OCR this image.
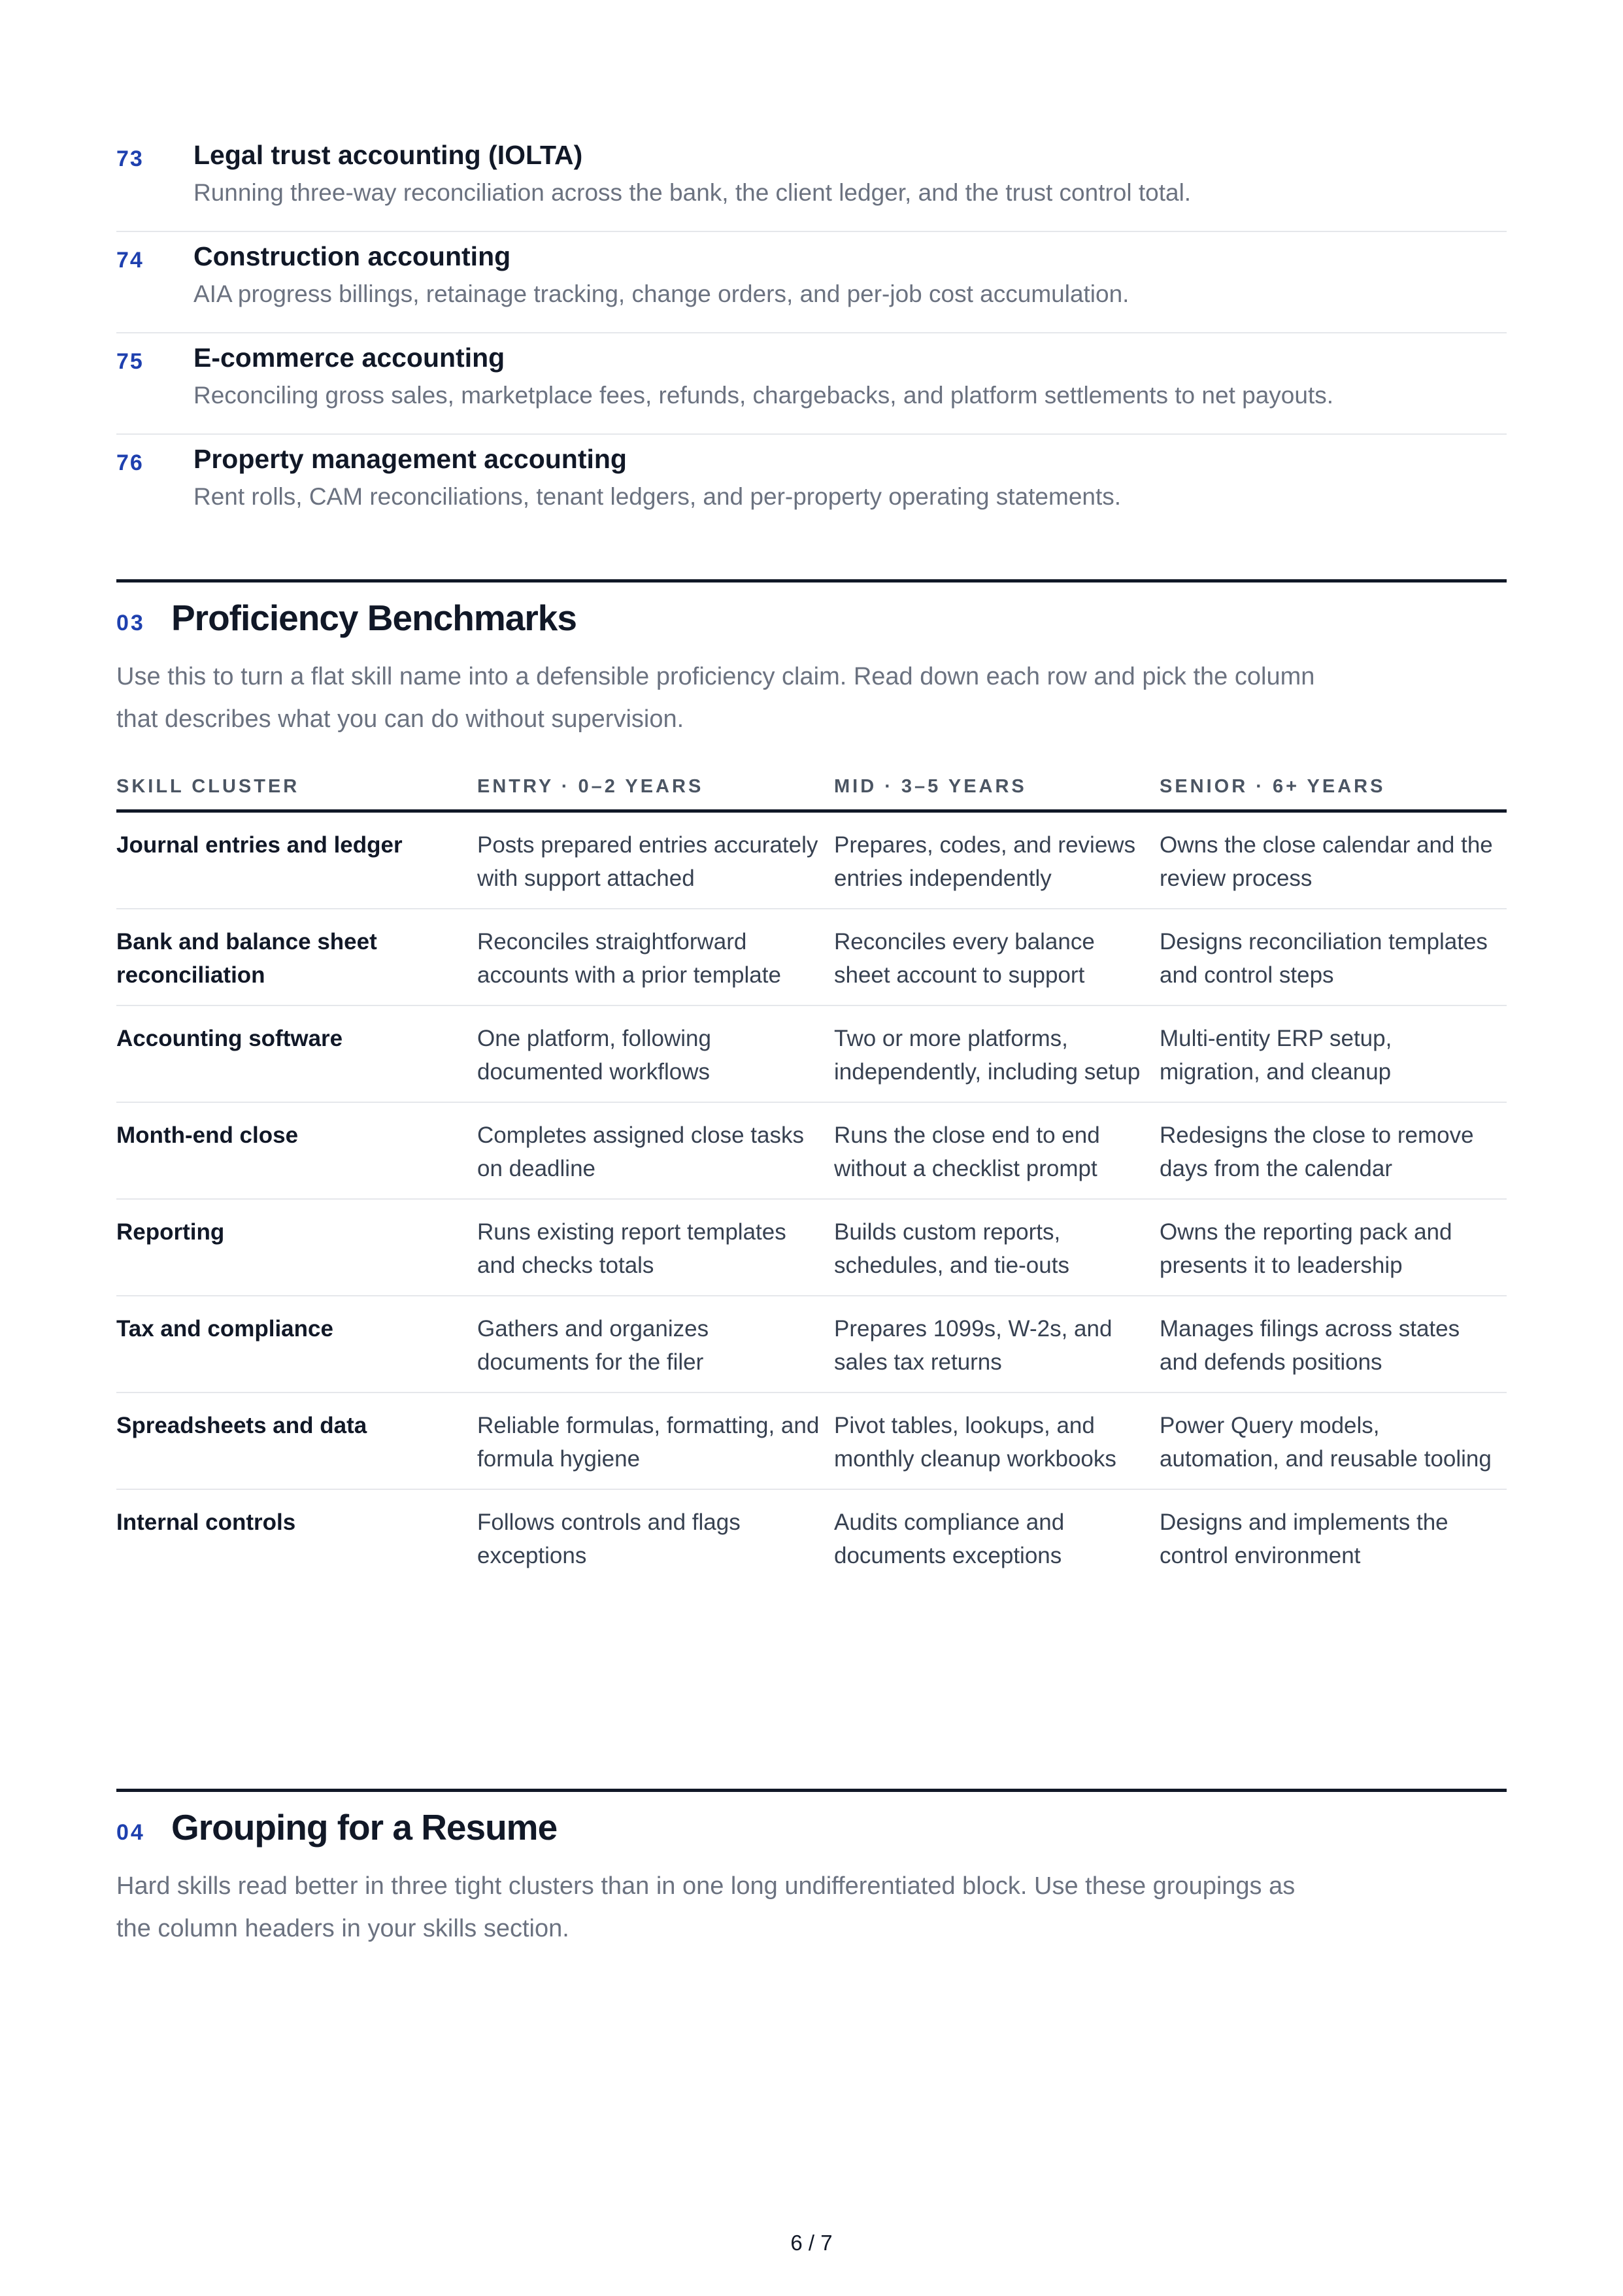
73	Legal trust accounting (IOLTA)
Running three-way reconciliation across the bank, the client ledger, and the trust control total.
74	Construction accounting
AIA progress billings, retainage tracking, change orders, and per-job cost accumulation.
75	E-commerce accounting
Reconciling gross sales, marketplace fees, refunds, chargebacks, and platform settlements to net payouts.
76	Property management accounting
Rent rolls, CAM reconciliations, tenant ledgers, and per-property operating statements.
03 Proficiency Benchmarks
Use this to turn a flat skill name into a defensible proficiency claim. Read down each row and pick the column that describes what you can do without supervision.
SKILL CLUSTER	ENTRY · 0–2 YEARS	MID · 3–5 YEARS	SENIOR · 6+ YEARS
Journal entries and ledger	Posts prepared entries accurately with support attached	Prepares, codes, and reviews entries independently	Owns the close calendar and the review process
Bank and balance sheet reconciliation	Reconciles straightforward accounts with a prior template	Reconciles every balance sheet account to support	Designs reconciliation templates and control steps
Accounting software	One platform, following documented workflows	Two or more platforms, independently, including setup	Multi-entity ERP setup, migration, and cleanup
Month-end close	Completes assigned close tasks on deadline	Runs the close end to end without a checklist prompt	Redesigns the close to remove days from the calendar
Reporting	Runs existing report templates and checks totals	Builds custom reports, schedules, and tie-outs	Owns the reporting pack and presents it to leadership
Tax and compliance	Gathers and organizes documents for the filer	Prepares 1099s, W-2s, and sales tax returns	Manages filings across states and defends positions
Spreadsheets and data	Reliable formulas, formatting, and formula hygiene	Pivot tables, lookups, and monthly cleanup workbooks	Power Query models, automation, and reusable tooling
Internal controls	Follows controls and flags exceptions	Audits compliance and documents exceptions	Designs and implements the control environment
04 Grouping for a Resume
Hard skills read better in three tight clusters than in one long undifferentiated block. Use these groupings as the column headers in your skills section.
6 / 7
